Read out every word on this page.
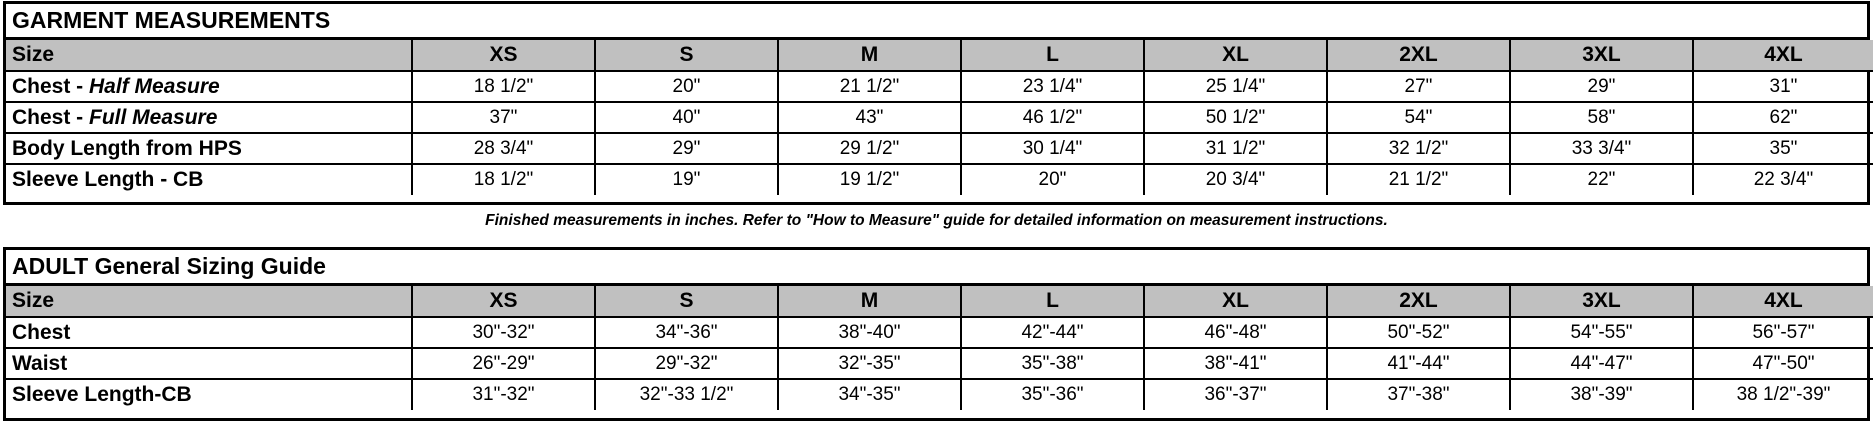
GARMENT MEASUREMENTS
Size	XS	S	M	L	XL	2XL	3XL	4XL
Chest - Half Measure	18 1/2"	20"	21 1/2"	23 1/4"	25 1/4"	27"	29"	31"
Chest - Full Measure	37"	40"	43"	46 1/2"	50 1/2"	54"	58"	62"
Body Length from HPS	28 3/4"	29"	29 1/2"	30 1/4"	31 1/2"	32 1/2"	33 3/4"	35"
Sleeve Length - CB	18 1/2"	19"	19 1/2"	20"	20 3/4"	21 1/2"	22"	22 3/4"
Finished measurements in inches. Refer to "How to Measure" guide for detailed information on measurement instructions.
ADULT General Sizing Guide
Size	XS	S	M	L	XL	2XL	3XL	4XL
Chest	30"-32"	34"-36"	38"-40"	42"-44"	46"-48"	50"-52"	54"-55"	56"-57"
Waist	26"-29"	29"-32"	32"-35"	35"-38"	38"-41"	41"-44"	44"-47"	47"-50"
Sleeve Length-CB	31"-32"	32"-33 1/2"	34"-35"	35"-36"	36"-37"	37"-38"	38"-39"	38 1/2"-39"
